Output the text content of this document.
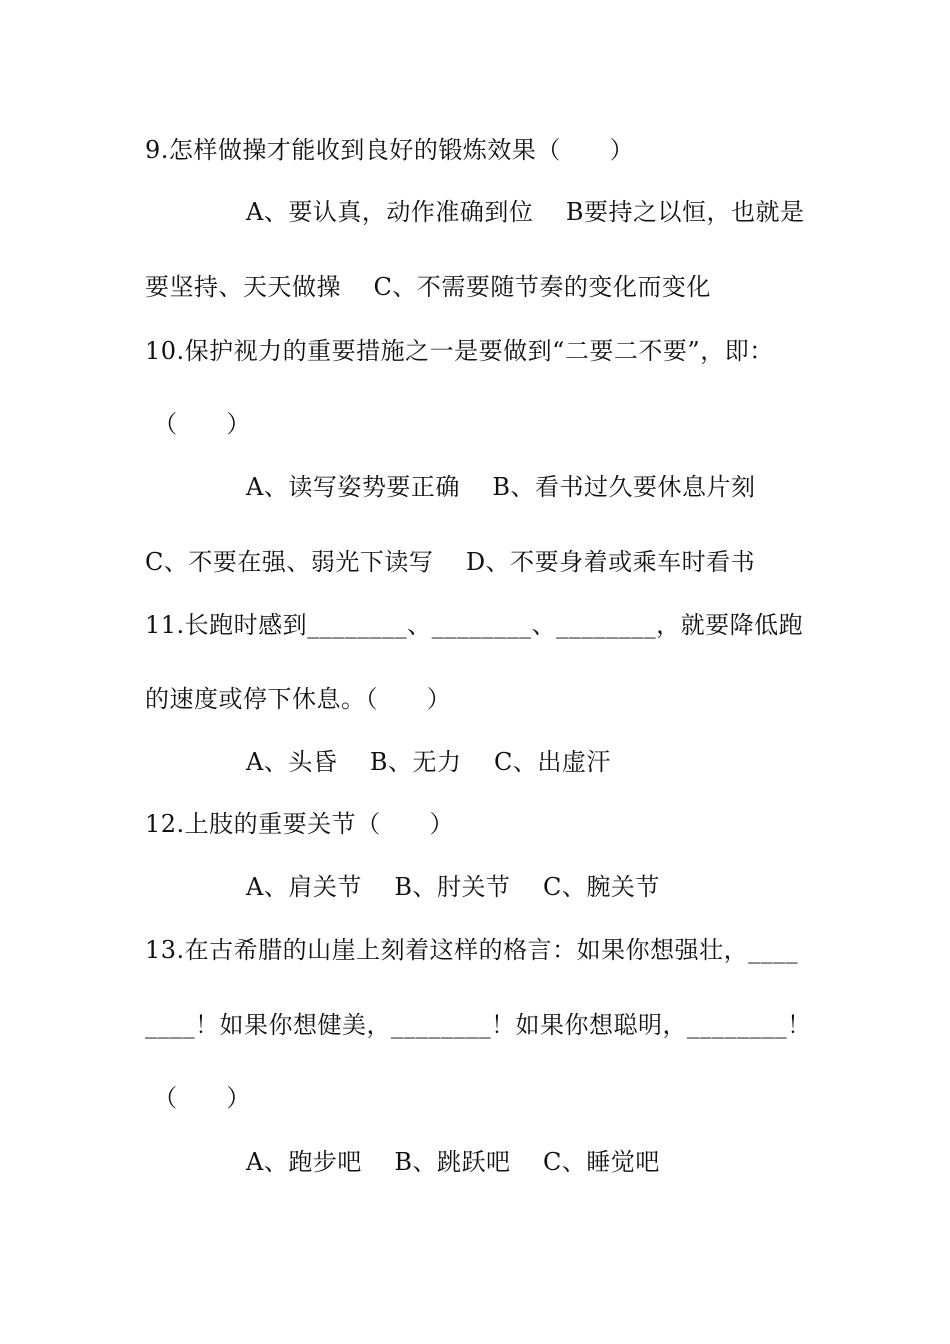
9.怎样做操才能收到良好的锻炼效果（      ）
A、要认真，动作准确到位    B要持之以恒，也就是
要坚持、天天做操    C、不需要随节奏的变化而变化
10.保护视力的重要措施之一是要做到“二要二不要”，即：
（      ）
A、读写姿势要正确    B、看书过久要休息片刻
C、不要在强、弱光下读写    D、不要身着或乘车时看书
11.长跑时感到________、________、________，就要降低跑
的速度或停下休息。（      ）
A、头昏    B、无力    C、出虚汗
12.上肢的重要关节（      ）
A、肩关节    B、肘关节    C、腕关节
13.在古希腊的山崖上刻着这样的格言：如果你想强壮，____
____！如果你想健美，________！如果你想聪明，________！
（      ）
A、跑步吧    B、跳跃吧    C、睡觉吧
